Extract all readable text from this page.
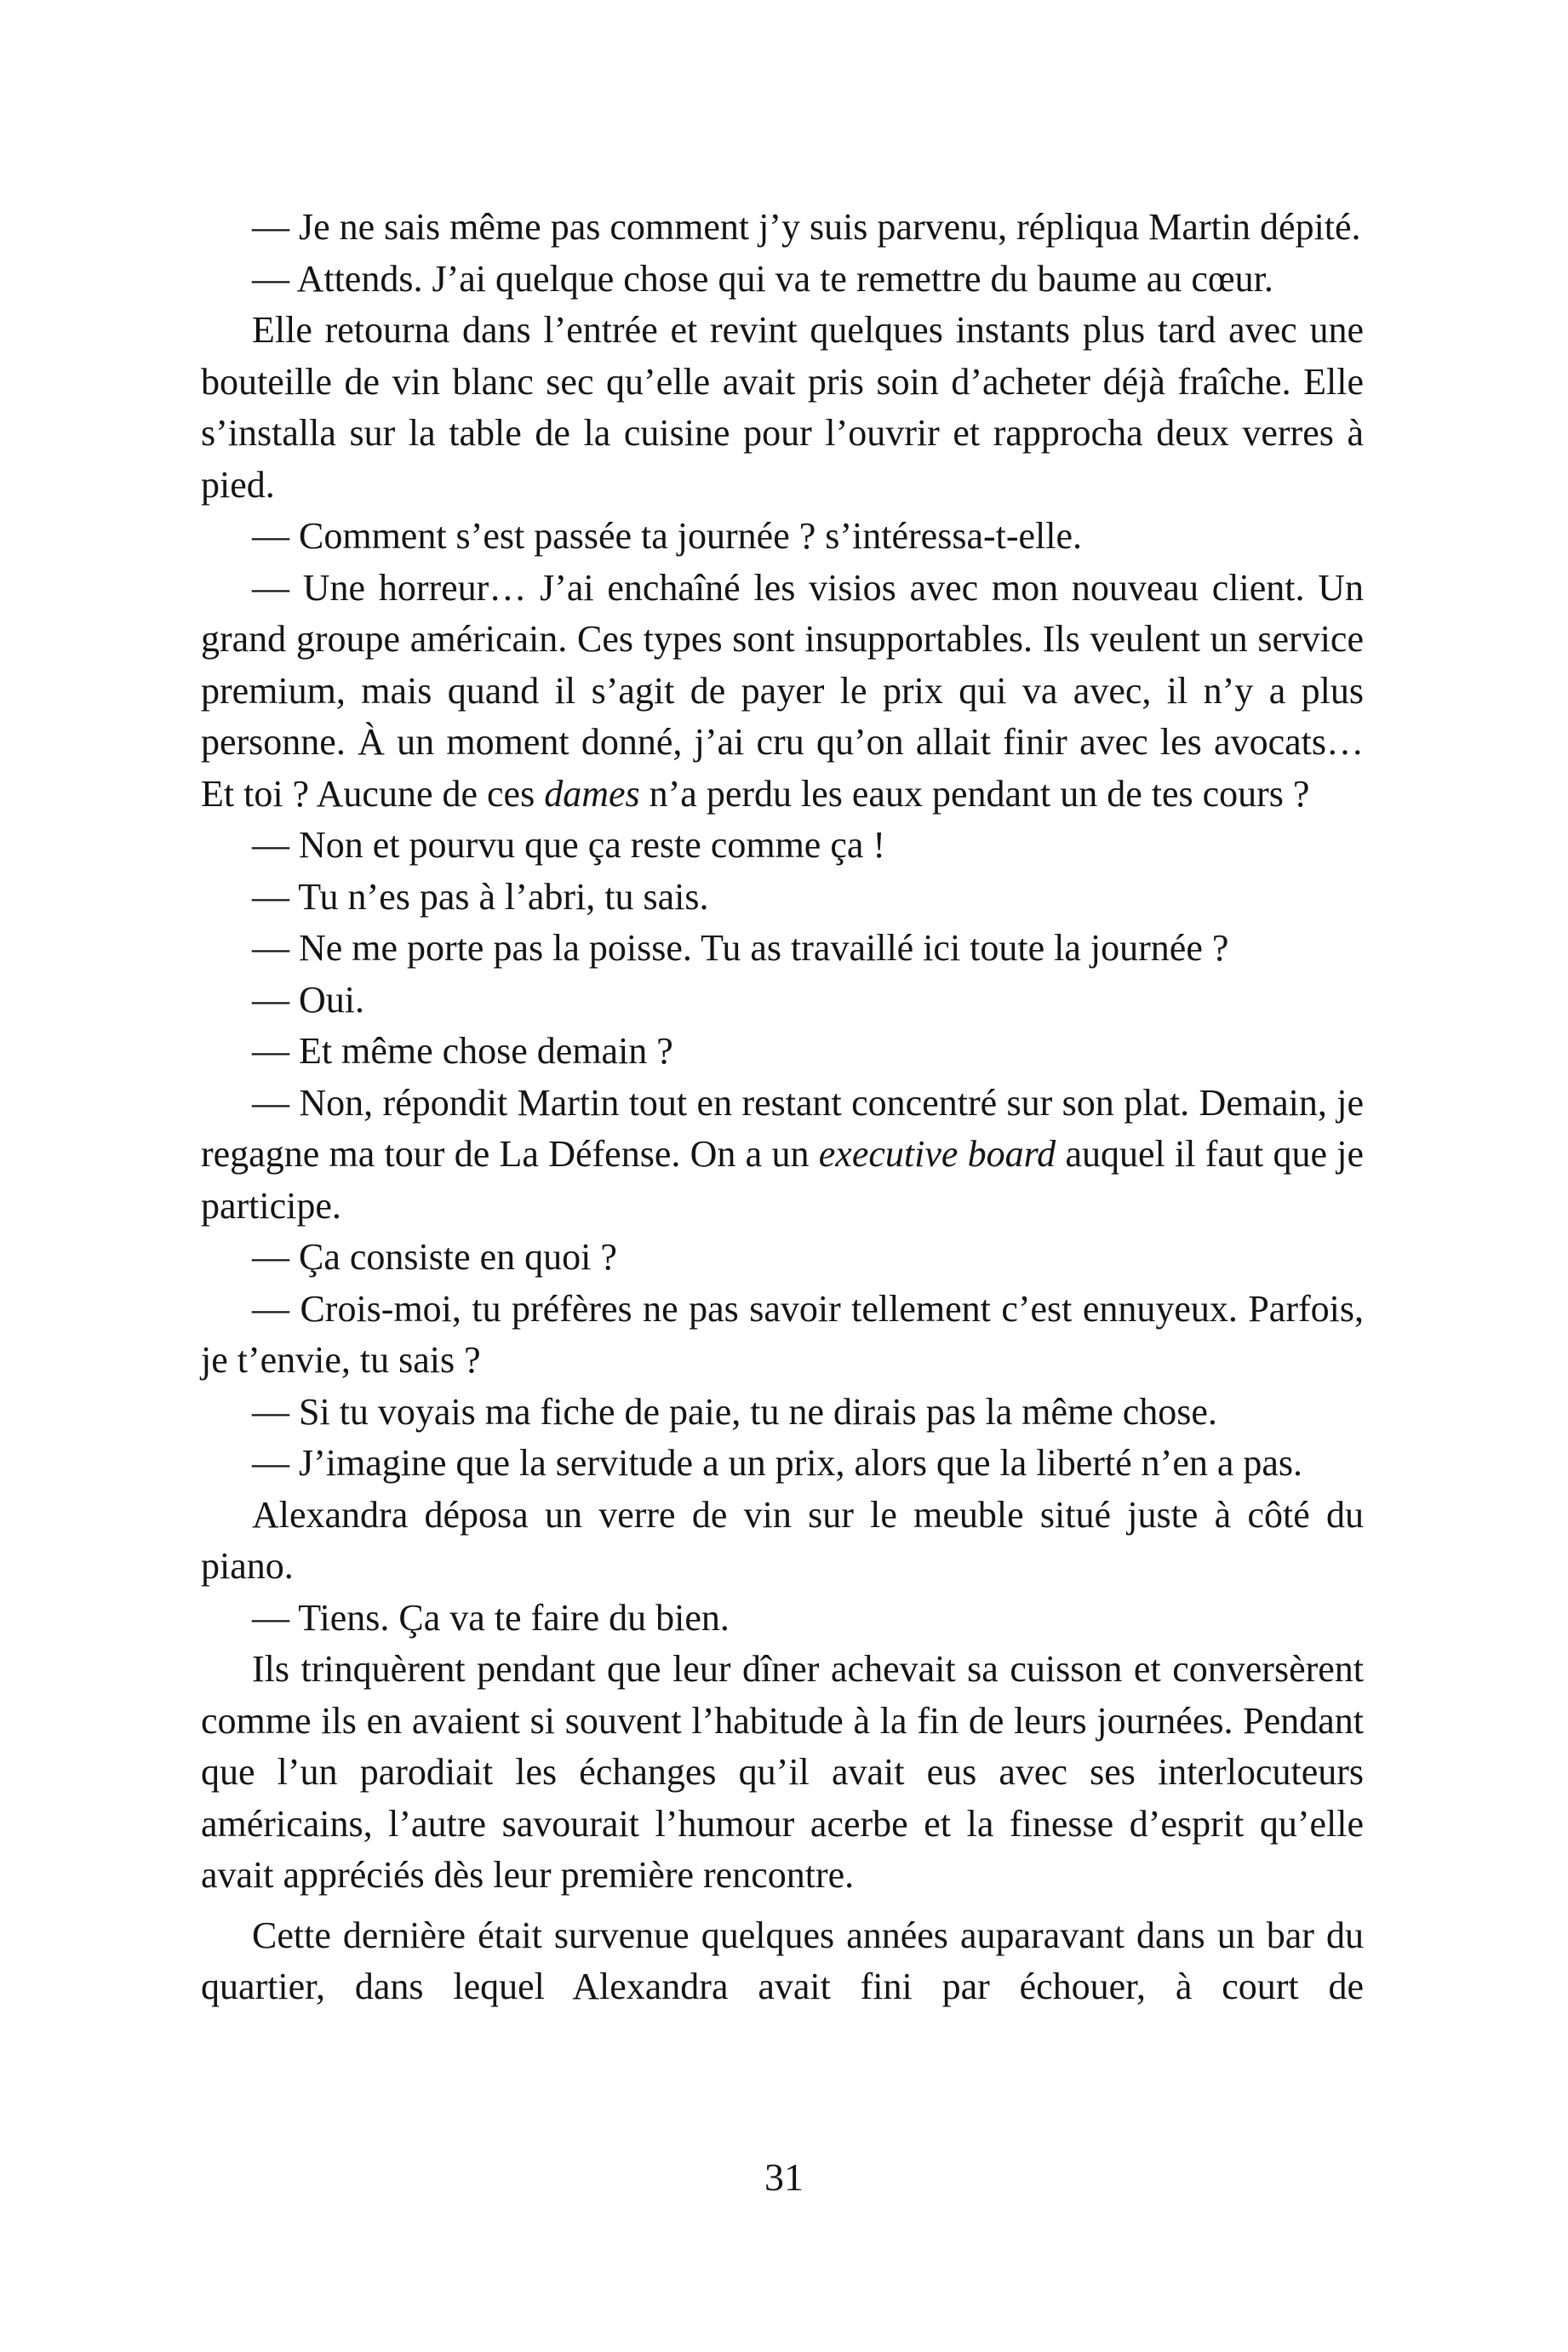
— Je ne sais même pas comment j’y suis parvenu, répliqua Martin dépité.

— Attends. J’ai quelque chose qui va te remettre du baume au cœur.

Elle retourna dans l’entrée et revint quelques instants plus tard avec une bouteille de vin blanc sec qu’elle avait pris soin d’acheter déjà fraîche. Elle s’installa sur la table de la cuisine pour l’ouvrir et rapprocha deux verres à pied.

— Comment s’est passée ta journée ? s’intéressa-t-elle.

— Une horreur… J’ai enchaîné les visios avec mon nouveau client. Un grand groupe américain. Ces types sont insupportables. Ils veulent un service premium, mais quand il s’agit de payer le prix qui va avec, il n’y a plus personne. À un moment donné, j’ai cru qu’on allait finir avec les avocats… Et toi ? Aucune de ces dames n’a perdu les eaux pendant un de tes cours ?

— Non et pourvu que ça reste comme ça !

— Tu n’es pas à l’abri, tu sais.

— Ne me porte pas la poisse. Tu as travaillé ici toute la journée ?

— Oui.

— Et même chose demain ?

— Non, répondit Martin tout en restant concentré sur son plat. Demain, je regagne ma tour de La Défense. On a un executive board auquel il faut que je participe.

— Ça consiste en quoi ?

— Crois-moi, tu préfères ne pas savoir tellement c’est ennuyeux. Parfois, je t’envie, tu sais ?

— Si tu voyais ma fiche de paie, tu ne dirais pas la même chose.

— J’imagine que la servitude a un prix, alors que la liberté n’en a pas.

Alexandra déposa un verre de vin sur le meuble situé juste à côté du piano.

— Tiens. Ça va te faire du bien.

Ils trinquèrent pendant que leur dîner achevait sa cuisson et conversèrent comme ils en avaient si souvent l’habitude à la fin de leurs journées. Pendant que l’un parodiait les échanges qu’il avait eus avec ses interlocuteurs américains, l’autre savourait l’humour acerbe et la finesse d’esprit qu’elle avait appréciés dès leur première rencontre.

Cette dernière était survenue quelques années auparavant dans un bar du quartier, dans lequel Alexandra avait fini par échouer, à court de

31
